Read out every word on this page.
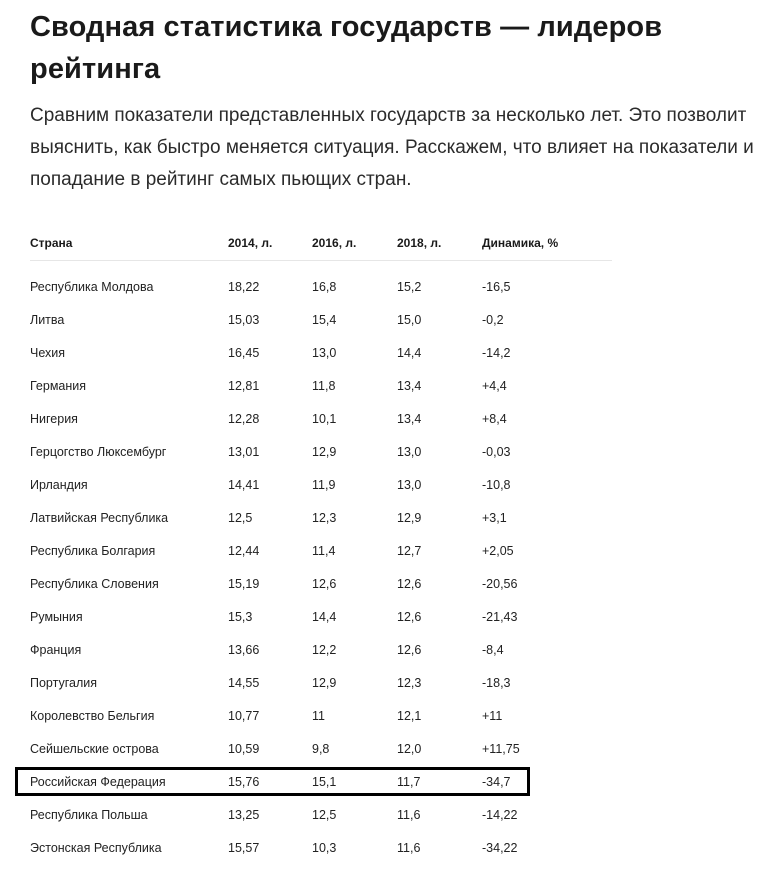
Сводная статистика государств — лидеров рейтинга

Сравним показатели представленных государств за несколько лет. Это позволит выяснить, как быстро меняется ситуация. Расскажем, что влияет на показатели и попадание в рейтинг самых пьющих стран.

Страна	2014, л.	2016, л.	2018, л.	Динамика, %
Республика Молдова	18,22	16,8	15,2	-16,5
Литва	15,03	15,4	15,0	-0,2
Чехия	16,45	13,0	14,4	-14,2
Германия	12,81	11,8	13,4	+4,4
Нигерия	12,28	10,1	13,4	+8,4
Герцогство Люксембург	13,01	12,9	13,0	-0,03
Ирландия	14,41	11,9	13,0	-10,8
Латвийская Республика	12,5	12,3	12,9	+3,1
Республика Болгария	12,44	11,4	12,7	+2,05
Республика Словения	15,19	12,6	12,6	-20,56
Румыния	15,3	14,4	12,6	-21,43
Франция	13,66	12,2	12,6	-8,4
Португалия	14,55	12,9	12,3	-18,3
Королевство Бельгия	10,77	11	12,1	+11
Сейшельские острова	10,59	9,8	12,0	+11,75
Российская Федерация	15,76	15,1	11,7	-34,7
Республика Польша	13,25	12,5	11,6	-14,22
Эстонская Республика	15,57	10,3	11,6	-34,22
